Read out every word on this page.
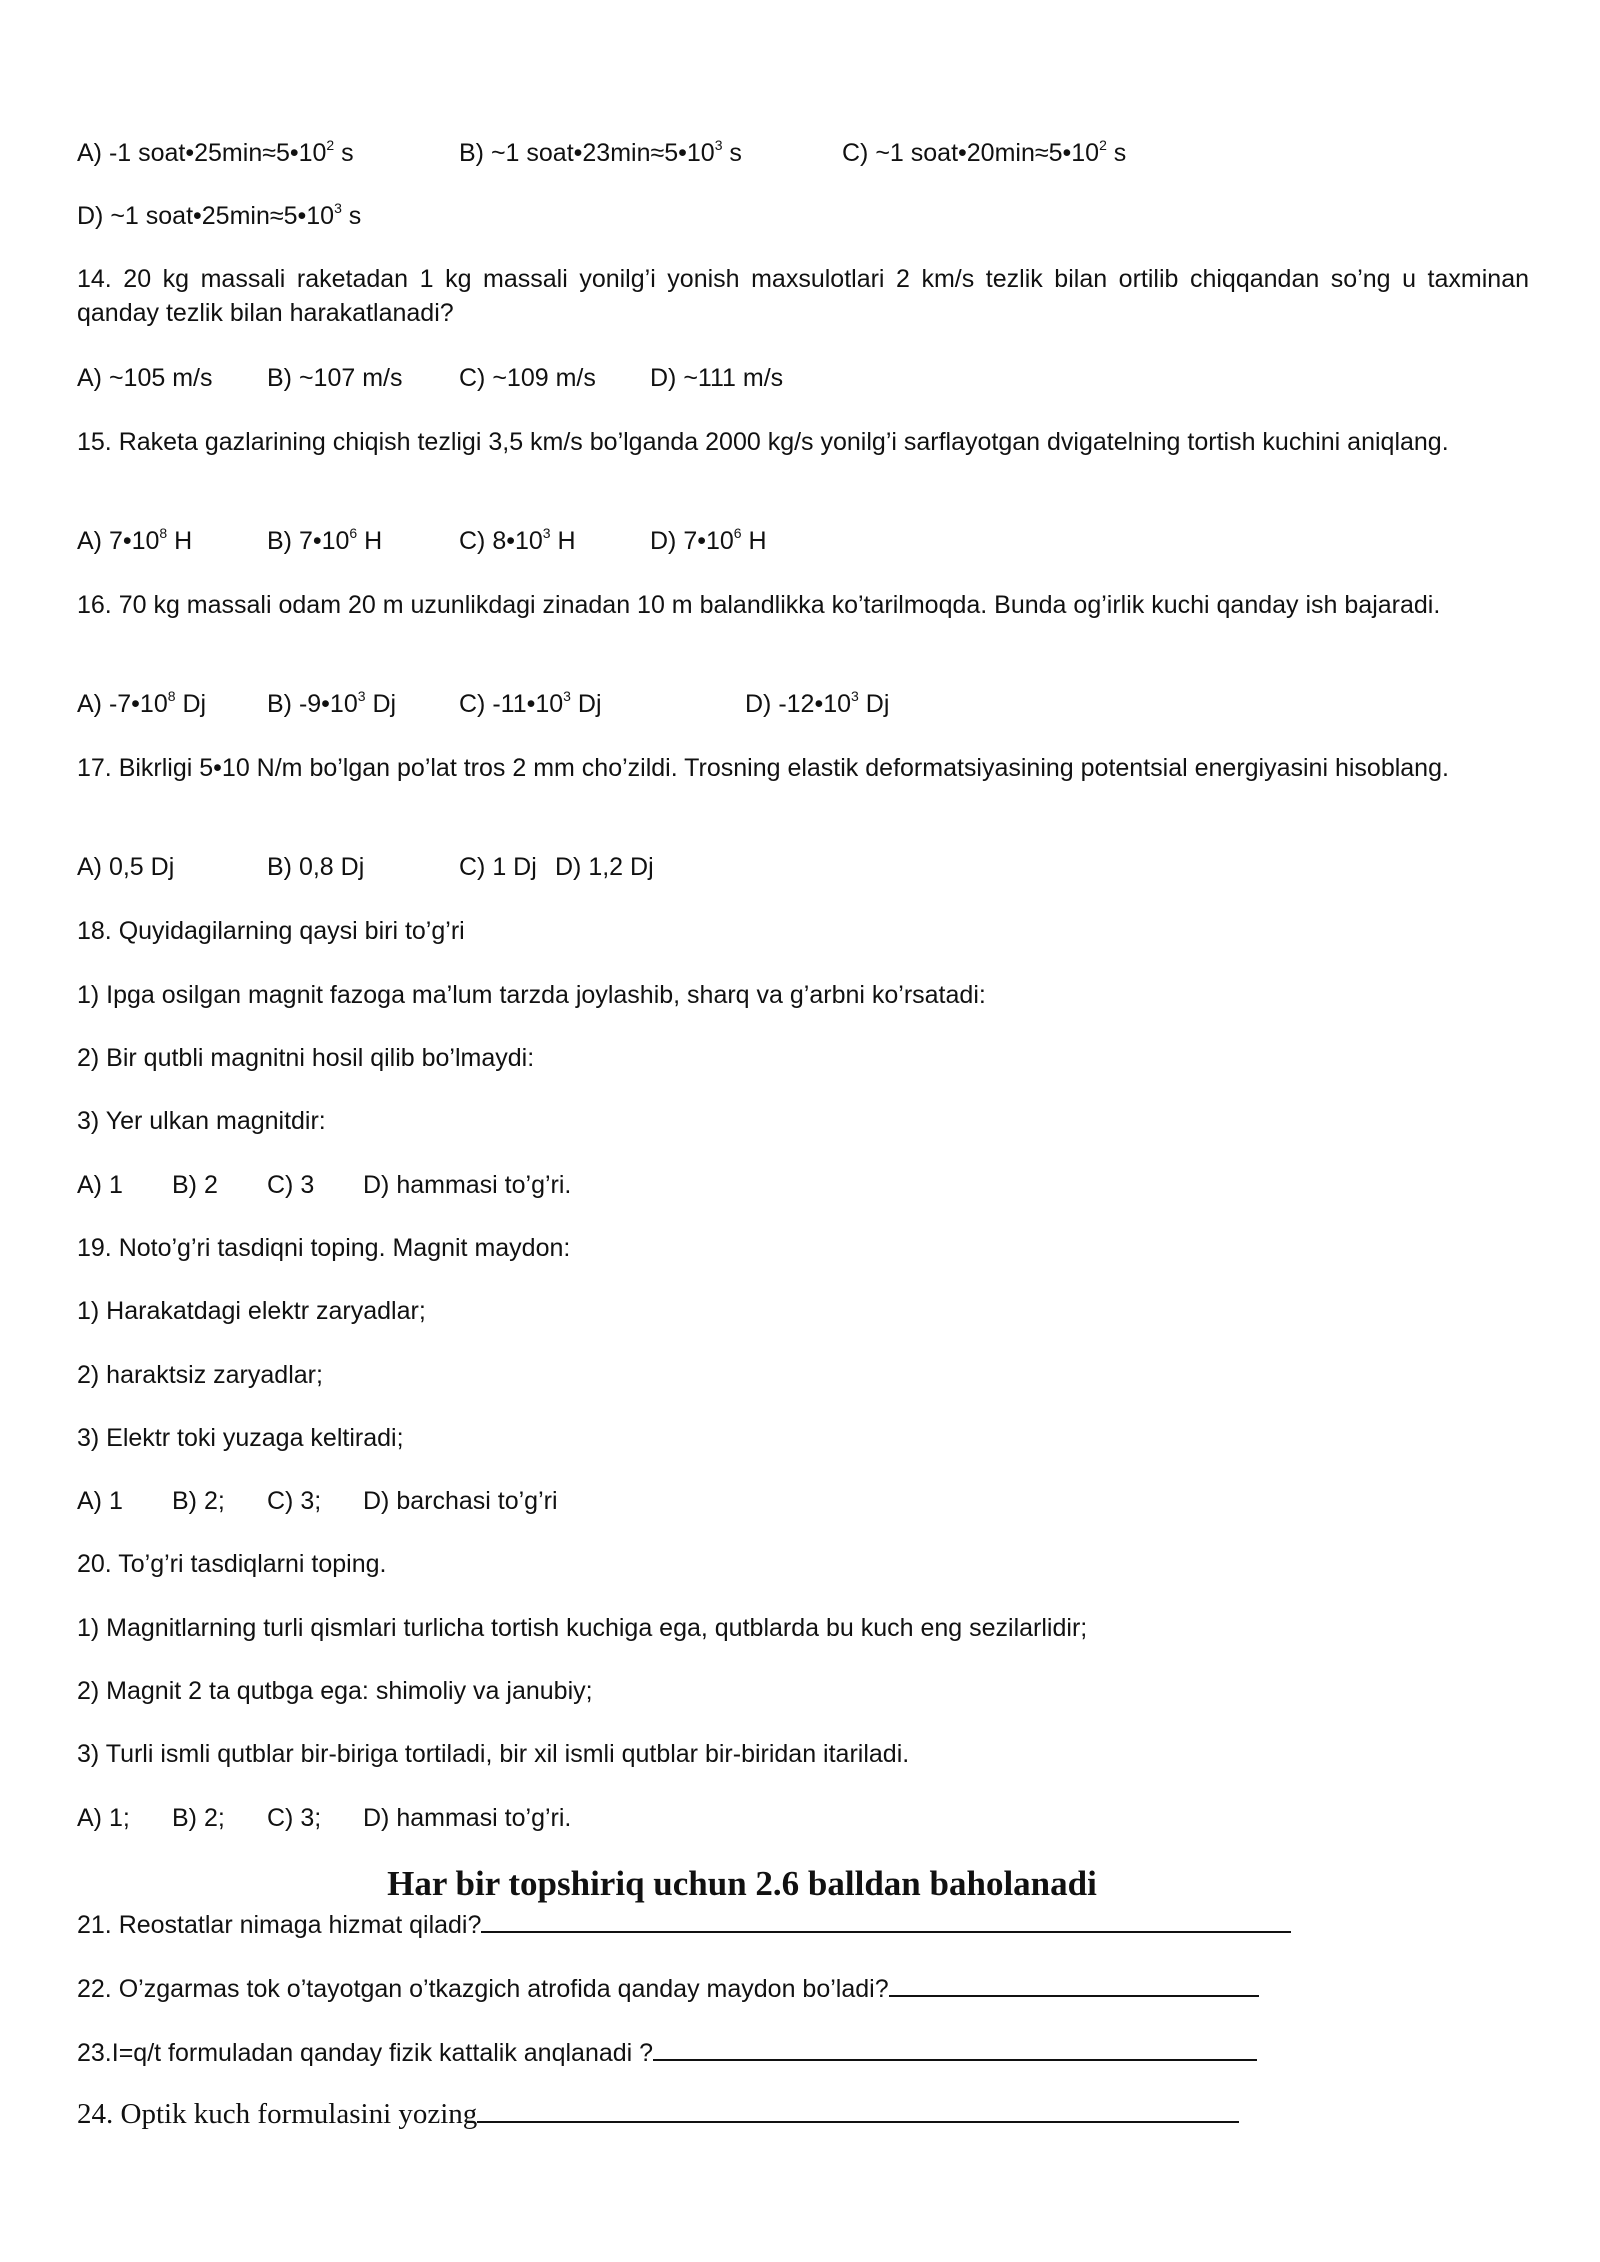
A) -1 $soat•25\min\approx 5•10^2$ s	B) ~1 $soat•23\min\approx 5•10^3$ s	C) ~1 $soat•20\min\approx 5•10^2$ s
D) ~1 $soat•25\min\approx 5•10^3$ s
14. 20 kg massali raketadan 1 kg massali yonilg’i yonish maxsulotlari 2 km/s tezlik bilan ortilib chiqqandan so’ng u taxminan qanday tezlik bilan harakatlanadi?
A) ~105 m/s B) ~107 m/s C) ~109 m/s D) ~111 m/s
15. Raketa gazlarining chiqish tezligi 3,5 km/s bo’lganda 2000 kg/s yonilg’i sarflayotgan dvigatelning tortish kuchini aniqlang.
A) $7•10^8$ H	B) $7•10^6$ H	C) $8•10^3$ H	D) $7•10^6$ H
16. 70 kg massali odam 20 m uzunlikdagi zinadan 10 m balandlikka ko’tarilmoqda. Bunda og’irlik kuchi qanday ish bajaradi.
A) $-7•10^8$ Dj B) $-9•10^3$ Dj	C) $-11•10^3$ Dj	D) $-12•10^3$ Dj
17. Bikrligi 5•10 N/m bo’lgan po’lat tros 2 mm cho’zildi. Trosning elastik deformatsiyasining potentsial energiyasini hisoblang.
A) 0,5 Dj	B) 0,8 Dj	C) 1 Dj D) 1,2 Dj
18. Quyidagilarning qaysi biri to’g’ri
1) Ipga osilgan magnit fazoga ma’lum tarzda joylashib, sharq va g’arbni ko’rsatadi:
2) Bir qutbli magnitni hosil qilib bo’lmaydi:
3) Yer ulkan magnitdir:
A) 1 B) 2 C) 3 D) hammasi to’g’ri.
19. Noto’g’ri tasdiqni toping. Magnit maydon:
1) Harakatdagi elektr zaryadlar;
2) haraktsiz zaryadlar;
3) Elektr toki yuzaga keltiradi;
A) 1 B) 2; C) 3; D) barchasi to’g’ri
20. To’g’ri tasdiqlarni toping.
1) Magnitlarning turli qismlari turlicha tortish kuchiga ega, qutblarda bu kuch eng sezilarlidir;
2) Magnit 2 ta qutbga ega: shimoliy va janubiy;
3) Turli ismli qutblar bir-biriga tortiladi, bir xil ismli qutblar bir-biridan itariladi.
A) 1; B) 2; C) 3; D) hammasi to’g’ri.
Har bir topshiriq uchun 2.6 balldan baholanadi
21. Reostatlar nimaga hizmat qiladi?
22. O’zgarmas tok o’tayotgan o’tkazgich atrofida qanday maydon bo’ladi?
23.I=q/t formuladan qanday fizik kattalik anqlanadi ?
24. Optik kuch formulasini yozing
